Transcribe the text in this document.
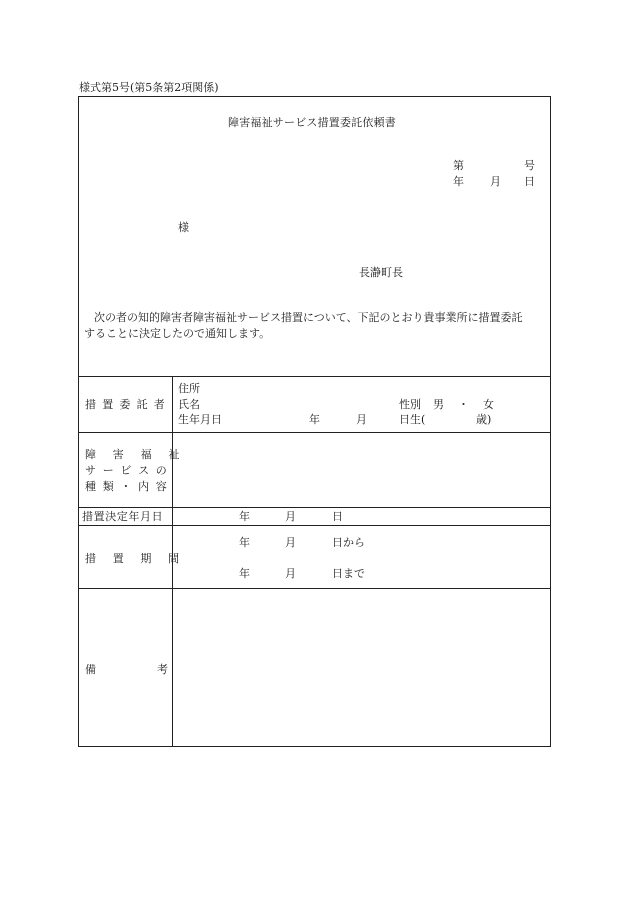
様式第5号(第5条第2項関係)
障害福祉サービス措置委託依頼書
第	号
年 月 日
様
長瀞町長
次の者の知的障害者障害福祉サービス措置について、下記のとおり貴事業所に措置委託
することに決定したので通知します。
措置委託者
住所
氏名	性別 男 ・ 女
生年月日	年	月	日生(	歳)
障害福祉
サービスの
種類・内容
措置決定年月日	年	月	日
措置期間
年	月	日から
年	月	日まで
備	考
